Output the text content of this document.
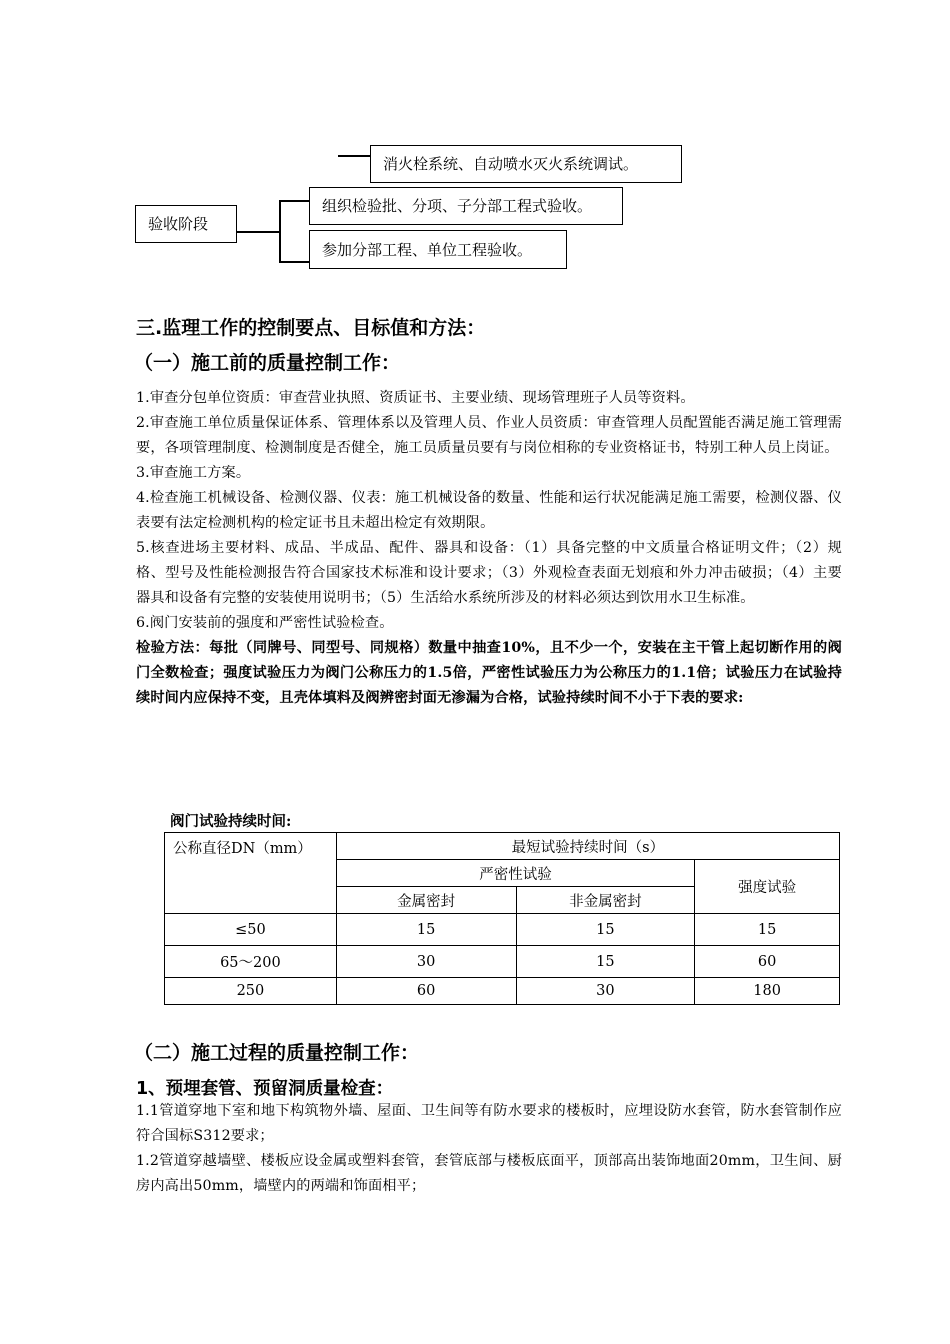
消火栓系统、自动喷水灭火系统调试。
验收阶段
组织检验批、分项、子分部工程式验收。
参加分部工程、单位工程验收。
三.监理工作的控制要点、目标值和方法：
（一）施工前的质量控制工作：

1.审查分包单位资质：审查营业执照、资质证书、主要业绩、现场管理班子人员等资料。

2.审查施工单位质量保证体系、管理体系以及管理人员、作业人员资质：审查管理人员配置能否满足施工管理需要，各项管理制度、检测制度是否健全，施工员质量员要有与岗位相称的专业资格证书，特别工种人员上岗证。

3.审查施工方案。

4.检查施工机械设备、检测仪器、仪表：施工机械设备的数量、性能和运行状况能满足施工需要，检测仪器、仪表要有法定检测机构的检定证书且未超出检定有效期限。

5.核查进场主要材料、成品、半成品、配件、器具和设备：（1）具备完整的中文质量合格证明文件；（2）规格、型号及性能检测报告符合国家技术标准和设计要求；（3）外观检查表面无划痕和外力冲击破损；（4）主要器具和设备有完整的安装使用说明书；（5）生活给水系统所涉及的材料必须达到饮用水卫生标准。

6.阀门安装前的强度和严密性试验检查。

检验方法：每批（同牌号、同型号、同规格）数量中抽查10%，且不少一个，安装在主干管上起切断作用的阀门全数检查；强度试验压力为阀门公称压力的1.5倍，严密性试验压力为公称压力的1.1倍；试验压力在试验持续时间内应保持不变，且壳体填料及阀辨密封面无渗漏为合格，试验持续时间不小于下表的要求:

阀门试验持续时间:
公称直径DN（mm）	最短试验持续时间（s）		
	严密性试验		强度试验
	金属密封	非金属密封	
≤50	15	15	15
65～200	30	15	60
250	60	30	180
（二）施工过程的质量控制工作：
1、预埋套管、预留洞质量检查：

1.1管道穿地下室和地下构筑物外墙、屋面、卫生间等有防水要求的楼板时，应埋设防水套管，防水套管制作应符合国标S312要求；

1.2管道穿越墙壁、楼板应设金属或塑料套管，套管底部与楼板底面平，顶部高出装饰地面20mm，卫生间、厨房内高出50mm，墙壁内的两端和饰面相平；
